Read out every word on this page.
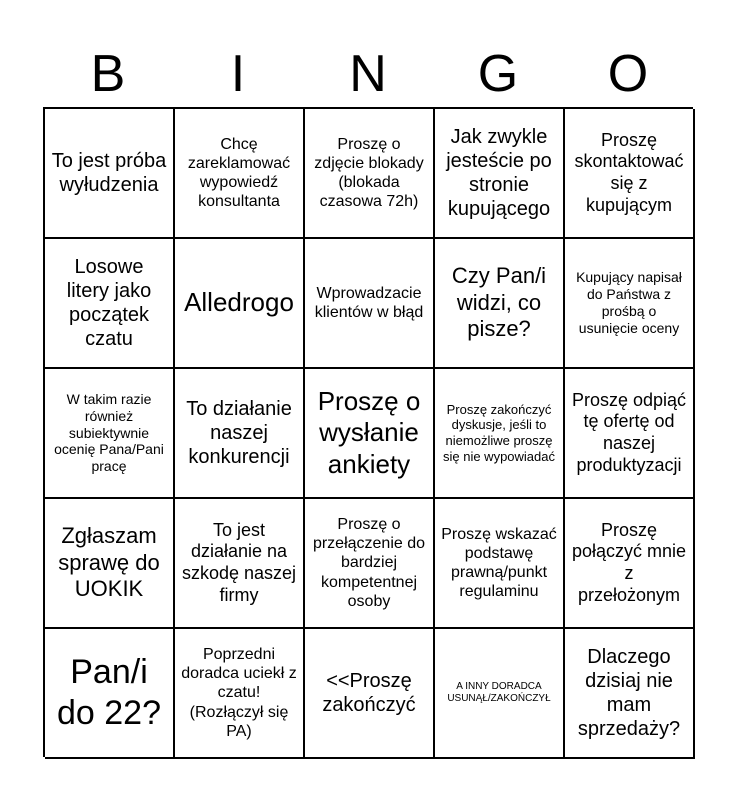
B	I	N	G	O
To jest próba wyłudzenia
Chcę zareklamować wypowiedź konsultanta
Proszę o zdjęcie blokady (blokada czasowa 72h)
Jak zwykle jesteście po stronie kupującego
Proszę skontaktować się z kupującym
Losowe litery jako początek czatu
Alledrogo	Wprowadzacie klientów w błąd
Czy Pan/i widzi, co pisze?
Kupujący napisał do Państwa z prośbą o usunięcie oceny
W takim razie również subiektywnie ocenię Pana/Pani pracę
To działanie naszej konkurencji
Proszę o wysłanie ankiety
Proszę zakończyć dyskusje, jeśli to niemożliwe proszę się nie wypowiadać
Proszę odpiąć tę ofertę od naszej produktyzacji
Zgłaszam sprawę do UOKIK
To jest działanie na szkodę naszej firmy
Proszę o przełączenie do bardziej kompetentnej osoby
Proszę wskazać podstawę prawną/punkt regulaminu
Proszę połączyć mnie z przełożonym
Pan/i do 22?
Poprzedni doradca uciekł z czatu! (Rozłączył się PA)
<<Proszę zakończyć
A INNY DORADCA USUNĄŁ/ZAKOŃCZYŁ
Dlaczego dzisiaj nie mam sprzedaży?
